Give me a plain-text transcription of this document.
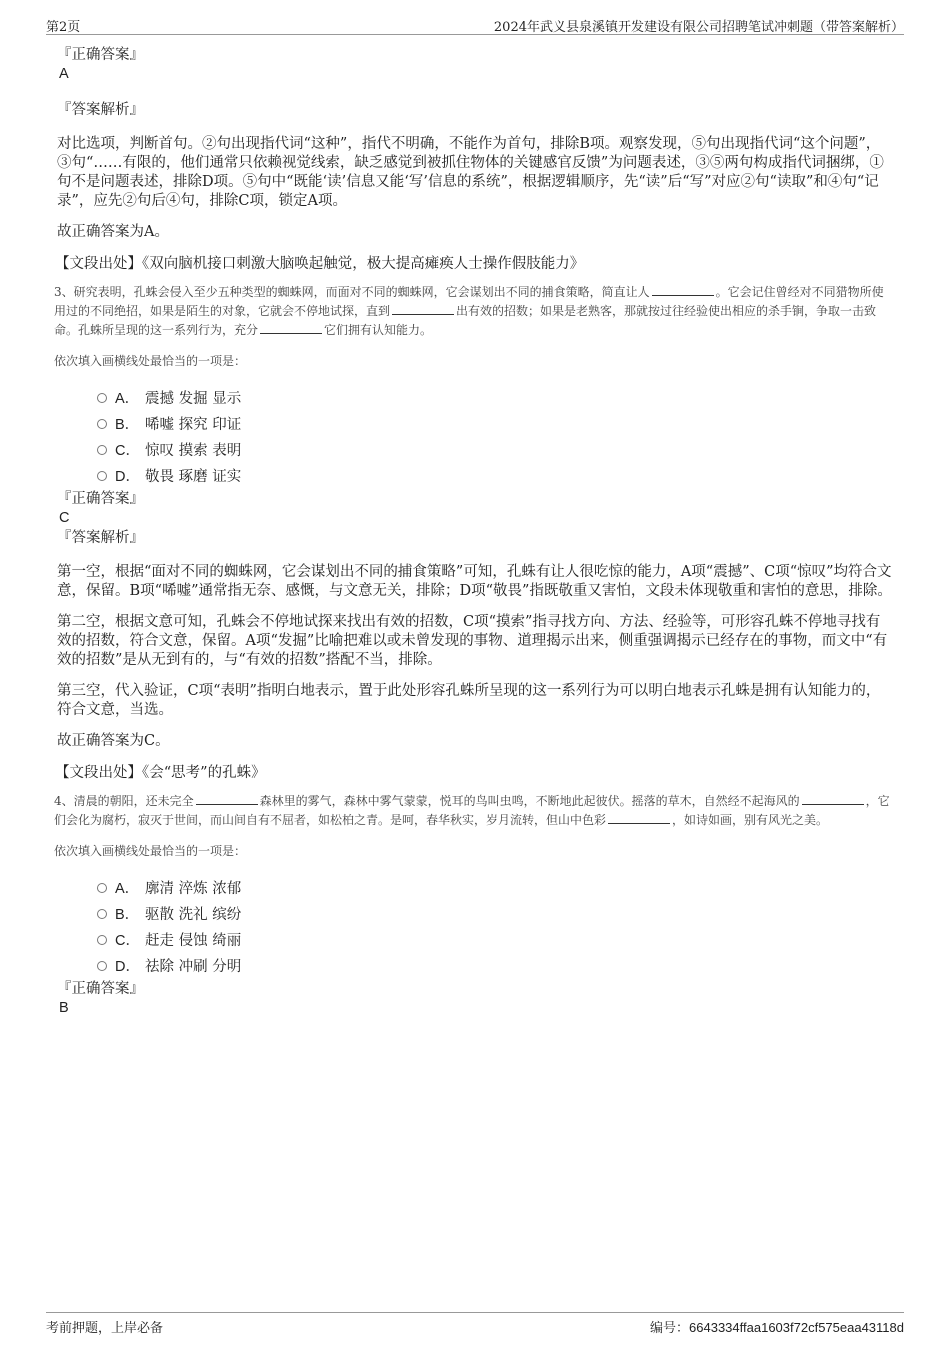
第2页	2024年武义县泉溪镇开发建设有限公司招聘笔试冲刺题（带答案解析）

『正确答案』

A

『答案解析』

对比选项，判断首句。②句出现指代词“这种”，指代不明确，不能作为首句，排除B项。观察发现，⑤句出现指代词“这个问题”，③句“……有限的，他们通常只依赖视觉线索，缺乏感觉到被抓住物体的关键感官反馈”为问题表述，③⑤两句构成指代词捆绑，①句不是问题表述，排除D项。⑤句中“既能‘读’信息又能‘写’信息的系统”，根据逻辑顺序，先“读”后“写”对应②句“读取”和④句“记录”，应先②句后④句，排除C项，锁定A项。

故正确答案为A。

【文段出处】《双向脑机接口刺激大脑唤起触觉，极大提高瘫痪人士操作假肢能力》

3、研究表明，孔蛛会侵入至少五种类型的蜘蛛网，而面对不同的蜘蛛网，它会谋划出不同的捕食策略，简直让人	。它会记住曾经对不同猎物所使用过的不同绝招，如果是陌生的对象，它就会不停地试探，直到	出有效的招数；如果是老熟客，那就按过往经验使出相应的杀手锏，争取一击致命。孔蛛所呈现的这一系列行为，充分	它们拥有认知能力。

依次填入画横线处最恰当的一项是：

A． 震撼 发掘 显示
B． 唏嘘 探究 印证
C． 惊叹 摸索 表明
D． 敬畏 琢磨 证实

『正确答案』

C

『答案解析』

第一空，根据“面对不同的蜘蛛网，它会谋划出不同的捕食策略”可知，孔蛛有让人很吃惊的能力，A项“震撼”、C项“惊叹”均符合文意，保留。B项“唏嘘”通常指无奈、感慨，与文意无关，排除；D项“敬畏”指既敬重又害怕，文段未体现敬重和害怕的意思，排除。

第二空，根据文意可知，孔蛛会不停地试探来找出有效的招数，C项“摸索”指寻找方向、方法、经验等，可形容孔蛛不停地寻找有效的招数，符合文意，保留。A项“发掘”比喻把难以或未曾发现的事物、道理揭示出来，侧重强调揭示已经存在的事物，而文中“有效的招数”是从无到有的，与“有效的招数”搭配不当，排除。

第三空，代入验证，C项“表明”指明白地表示，置于此处形容孔蛛所呈现的这一系列行为可以明白地表示孔蛛是拥有认知能力的，符合文意，当选。

故正确答案为C。

【文段出处】《会“思考”的孔蛛》

4、清晨的朝阳，还未完全	森林里的雾气，森林中雾气蒙蒙，悦耳的鸟叫虫鸣，不断地此起彼伏。摇落的草木，自然经不起海风的	，它们会化为腐朽，寂灭于世间，而山间自有不屈者，如松柏之青。是呵，春华秋实，岁月流转，但山中色彩	，如诗如画，别有风光之美。

依次填入画横线处最恰当的一项是：

A． 廓清 淬炼 浓郁
B． 驱散 洗礼 缤纷
C． 赶走 侵蚀 绮丽
D． 祛除 冲刷 分明

『正确答案』

B

考前押题，上岸必备	编号：6643334ffaa1603f72cf575eaa43118d
